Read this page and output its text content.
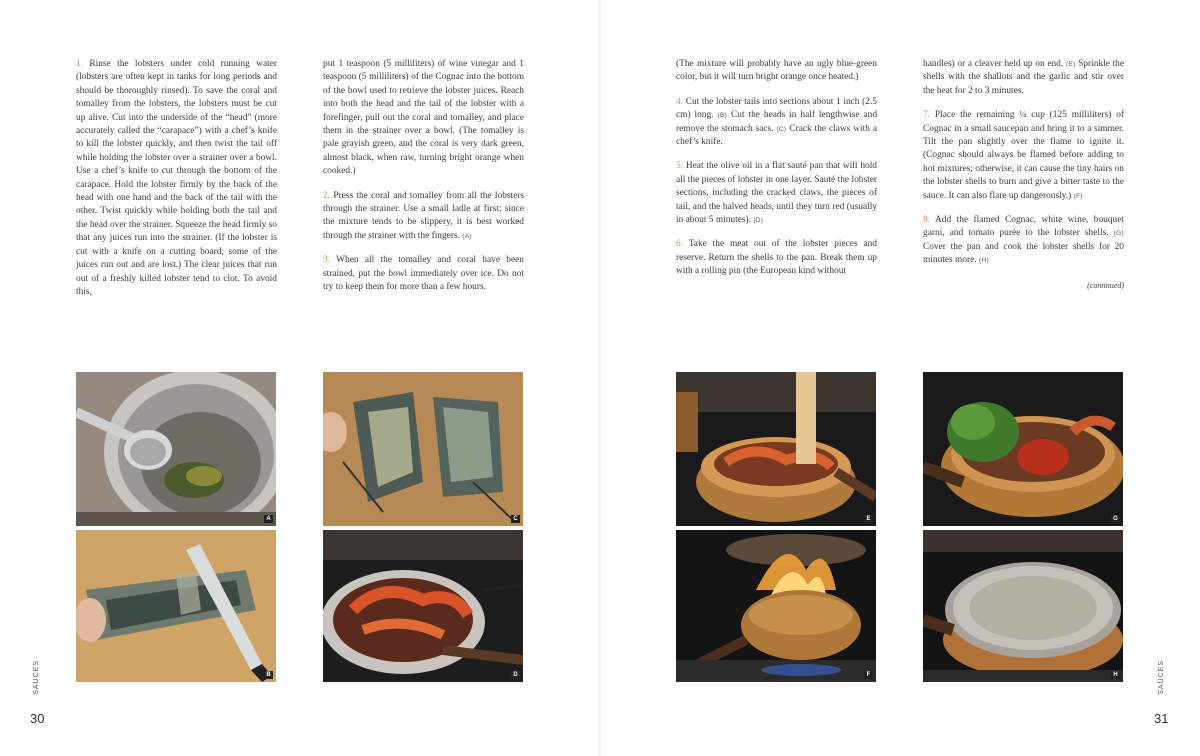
1. Rinse the lobsters under cold running water (lobsters are often kept in tanks for long periods and should be thoroughly rinsed). To save the coral and tomalley from the lobsters, the lobsters must be cut up alive. Cut into the underside of the “head” (more accurately called the “carapace”) with a chef’s knife to kill the lobster quickly, and then twist the tail off while holding the lobster over a strainer over a bowl. Use a chef’s knife to cut through the bottom of the carapace. Hold the lobster firmly by the back of the head with one hand and the back of the tail with the other. Twist quickly while holding both the tail and the head over the strainer. Squeeze the head firmly so that any juices run into the strainer. (If the lobster is cut with a knife on a cutting board, some of the juices run out and are lost.) The clear juices that run out of a freshly killed lobster tend to clot. To avoid this,

put 1 teaspoon (5 milliliters) of wine vinegar and 1 teaspoon (5 milliliters) of the Cognac into the bottom of the bowl used to retrieve the lobster juices. Reach into both the head and the tail of the lobster with a forefinger, pull out the coral and tomalley, and place them in the strainer over a bowl. (The tomalley is pale grayish green, and the coral is very dark green, almost black, when raw, turning bright orange when cooked.)

2. Press the coral and tomalley from all the lobsters through the strainer. Use a small ladle at first; since the mixture tends to be slippery, it is best worked through the strainer with the fingers. (A)

3. When all the tomalley and coral have been strained, put the bowl immediately over ice. Do not try to keep them for more than a few hours.

(The mixture will probably have an ugly blue-green color, but it will turn bright orange once heated.)

4. Cut the lobster tails into sections about 1 inch (2.5 cm) long. (B) Cut the heads in half lengthwise and remove the stomach sacs. (C) Crack the claws with a chef’s knife.

5. Heat the olive oil in a flat sauté pan that will hold all the pieces of lobster in one layer. Sauté the lobster sections, including the cracked claws, the pieces of tail, and the halved heads, until they turn red (usually in about 5 minutes). (D)

6. Take the meat out of the lobster pieces and reserve. Return the shells to the pan. Break them up with a rolling pin (the European kind without

handles) or a cleaver held up on end. (E) Sprinkle the shells with the shallots and the garlic and stir over the heat for 2 to 3 minutes.

7. Place the remaining ¼ cup (125 milliliters) of Cognac in a small saucepan and bring it to a simmer. Tilt the pan slightly over the flame to ignite it. (Cognac should always be flamed before adding to hot mixtures; otherwise, it can cause the tiny hairs on the lobster shells to burn and give a bitter taste to the sauce. It can also flare up dangerously.) (F)

8. Add the flamed Cognac, white wine, bouquet garni, and tomato purée to the lobster shells. (G) Cover the pan and cook the lobster shells for 20 minutes more. (H)

(continued)
A
B
C
D
E
F
G
H
SAUCES
30
SAUCES
31
